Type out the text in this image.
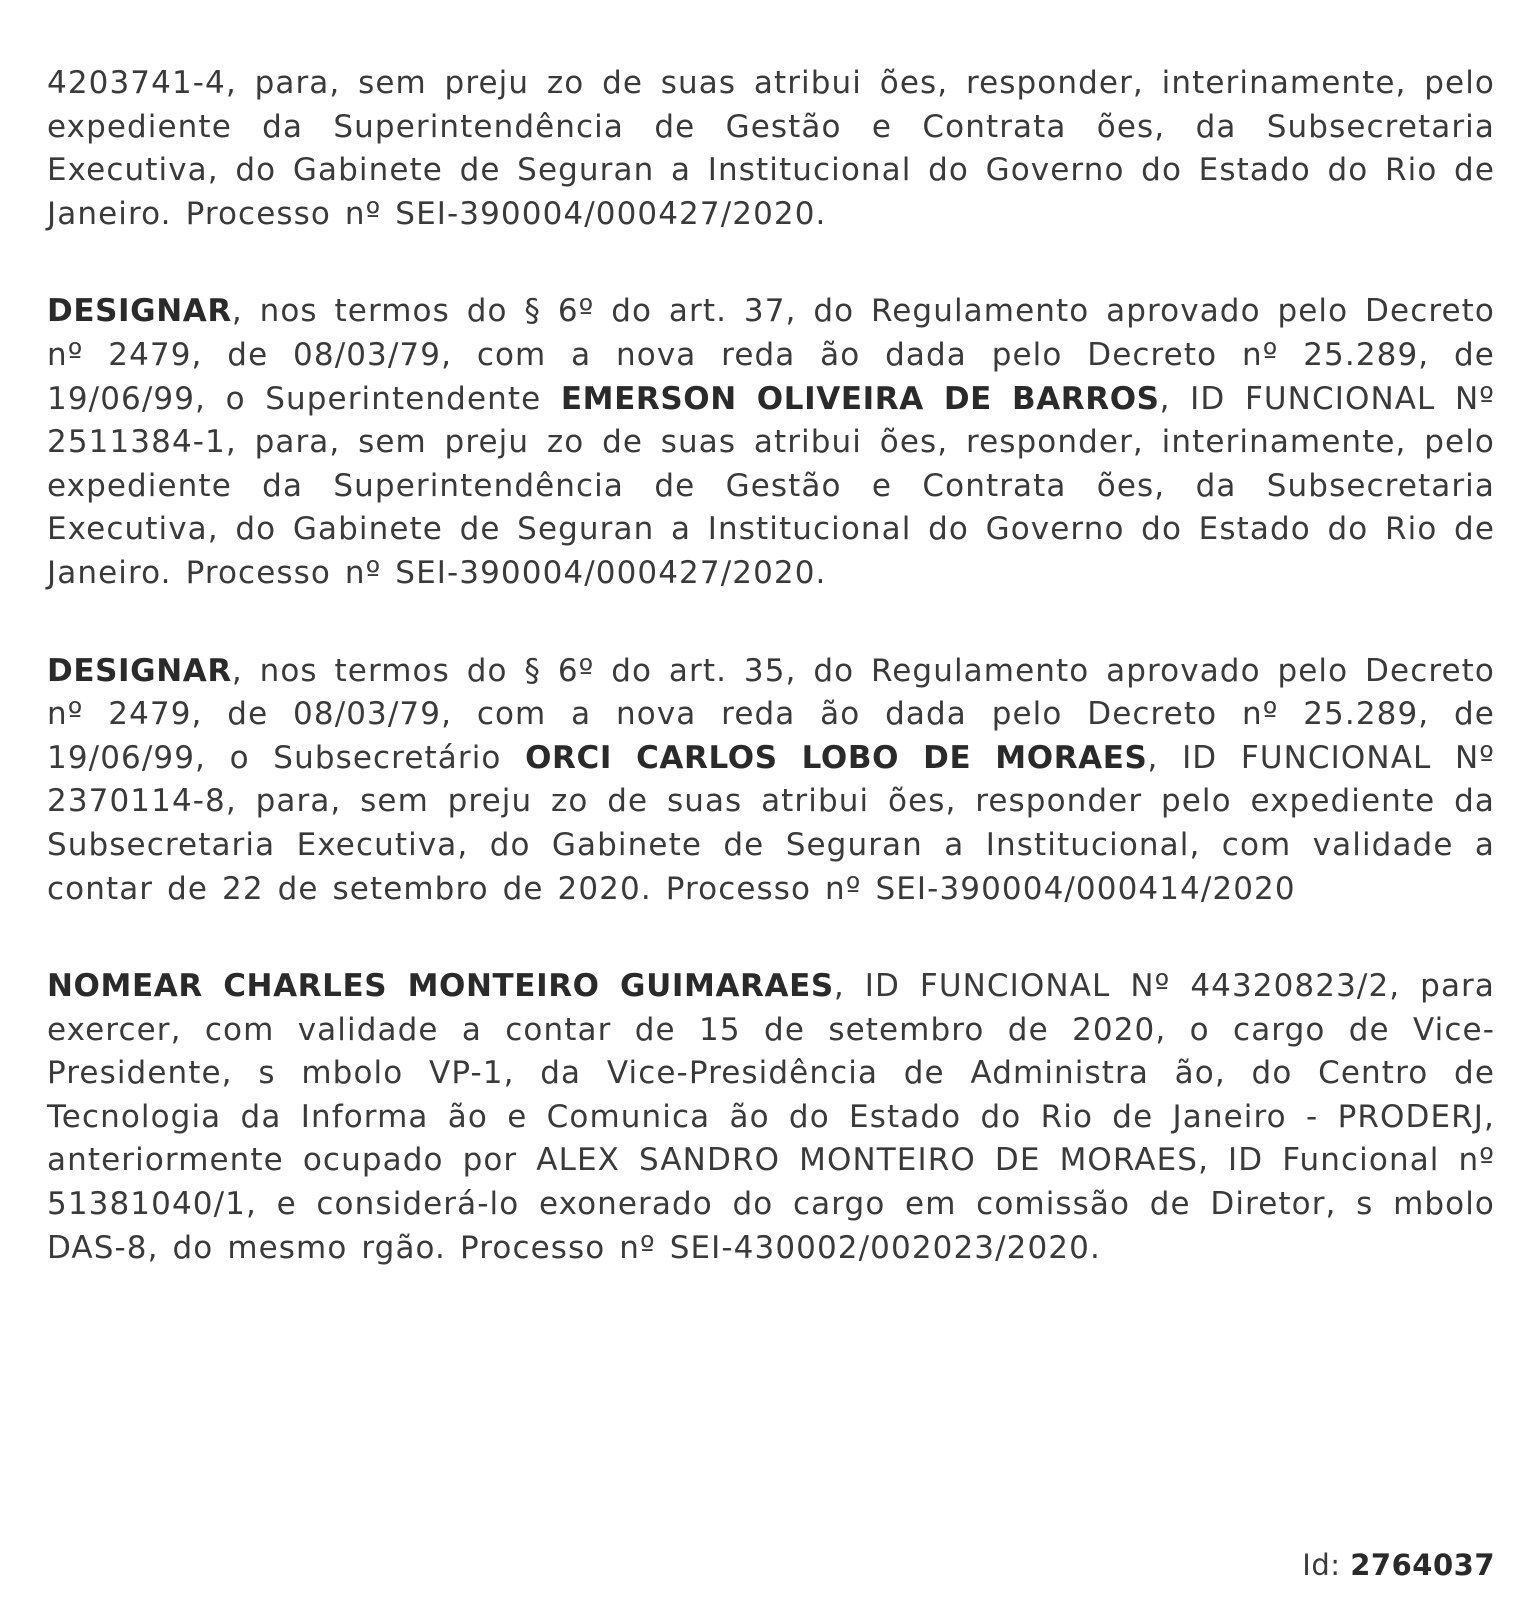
4203741-4, para, sem preju zo de suas atribui ões, responder, interinamente, pelo expediente da Superintendência de Gestão e Contrata ões, da Subsecretaria Executiva, do Gabinete de Seguran a Institucional do Governo do Estado do Rio de Janeiro. Processo nº SEI-390004/000427/2020.

DESIGNAR, nos termos do § 6º do art. 37, do Regulamento aprovado pelo Decreto nº 2479, de 08/03/79, com a nova reda ão dada pelo Decreto nº 25.289, de 19/06/99, o Superintendente EMERSON OLIVEIRA DE BARROS, ID FUNCIONAL Nº 2511384-1, para, sem preju zo de suas atribui ões, responder, interinamente, pelo expediente da Superintendência de Gestão e Contrata ões, da Subsecretaria Executiva, do Gabinete de Seguran a Institucional do Governo do Estado do Rio de Janeiro. Processo nº SEI-390004/000427/2020.

DESIGNAR, nos termos do § 6º do art. 35, do Regulamento aprovado pelo Decreto nº 2479, de 08/03/79, com a nova reda ão dada pelo Decreto nº 25.289, de 19/06/99, o Subsecretário ORCI CARLOS LOBO DE MORAES, ID FUNCIONAL Nº 2370114-8, para, sem preju zo de suas atribui ões, responder pelo expediente da Subsecretaria Executiva, do Gabinete de Seguran a Institucional, com validade a contar de 22 de setembro de 2020. Processo nº SEI-390004/000414/2020

NOMEAR CHARLES MONTEIRO GUIMARAES, ID FUNCIONAL Nº 44320823/2, para exercer, com validade a contar de 15 de setembro de 2020, o cargo de Vice-Presidente, s mbolo VP-1, da Vice-Presidência de Administra ão, do Centro de Tecnologia da Informa ão e Comunica ão do Estado do Rio de Janeiro - PRODERJ, anteriormente ocupado por ALEX SANDRO MONTEIRO DE MORAES, ID Funcional nº 51381040/1, e considerá-lo exonerado do cargo em comissão de Diretor, s mbolo DAS-8, do mesmo rgão. Processo nº SEI-430002/002023/2020.

Id: 2764037
